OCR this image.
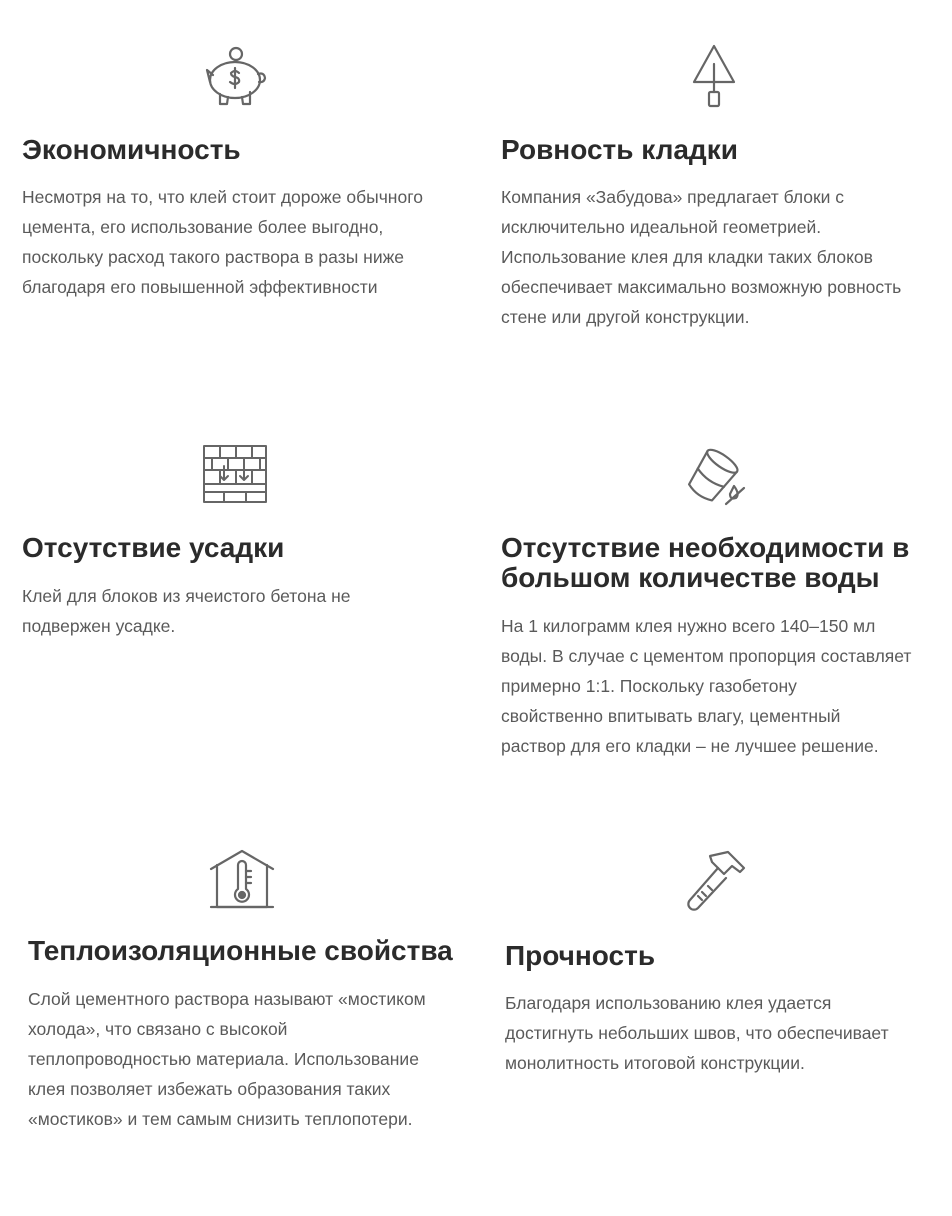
Экономичность
Несмотря на то, что клей стоит дороже обычного
цемента, его использование более выгодно,
поскольку расход такого раствора в разы ниже
благодаря его повышенной эффективности
Ровность кладки
Компания «Забудова» предлагает блоки с
исключительно идеальной геометрией.
Использование клея для кладки таких блоков
обеспечивает максимально возможную ровность
стене или другой конструкции.
Отсутствие усадки
Клей для блоков из ячеистого бетона не
подвержен усадке.
Отсутствие необходимости в
большом количестве воды
На 1 килограмм клея нужно всего 140–150 мл
воды. В случае с цементом пропорция составляет
примерно 1:1. Поскольку газобетону
свойственно впитывать влагу, цементный
раствор для его кладки – не лучшее решение.
Теплоизоляционные свойства
Слой цементного раствора называют «мостиком
холода», что связано с высокой
теплопроводностью материала. Использование
клея позволяет избежать образования таких
«мостиков» и тем самым снизить теплопотери.
Прочность
Благодаря использованию клея удается
достигнуть небольших швов, что обеспечивает
монолитность итоговой конструкции.
